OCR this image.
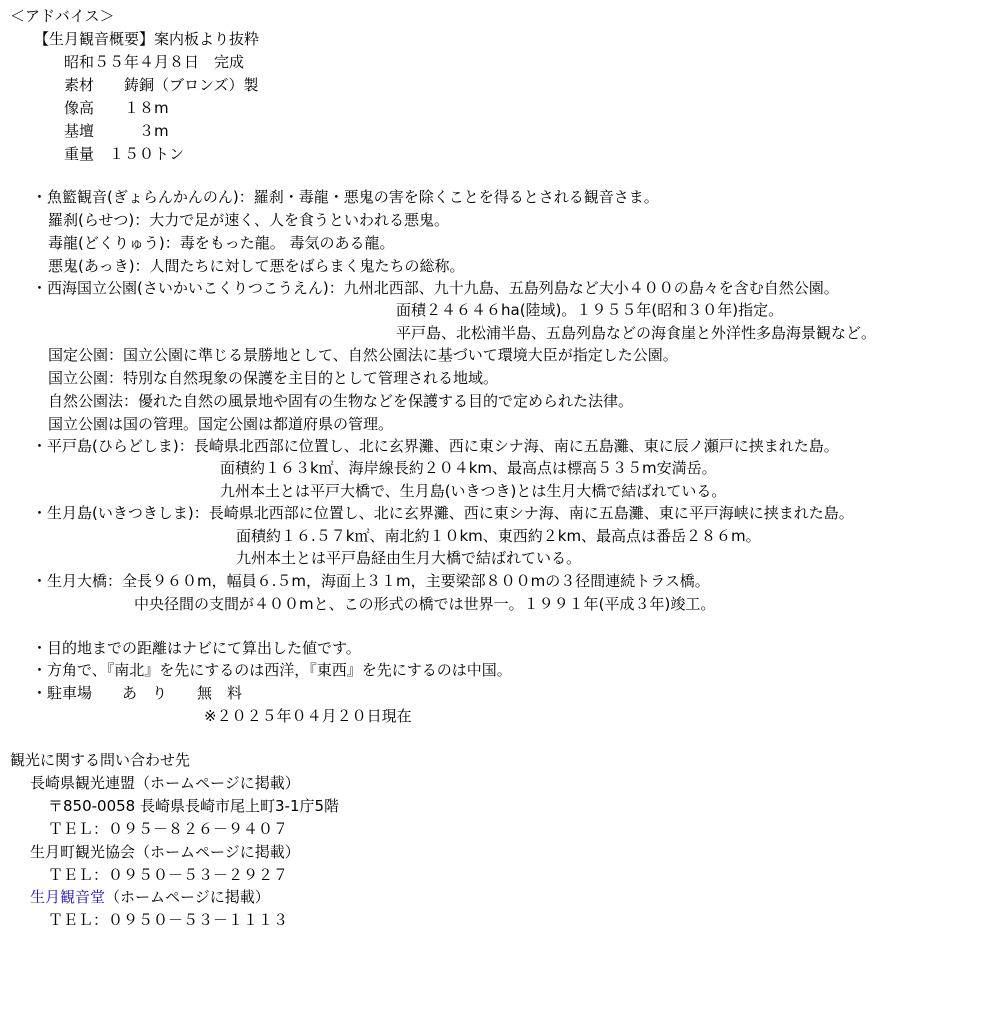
＜アドバイス＞
【生月観音概要】案内板より抜粋
昭和５５年４月８日　完成
素材　　鋳銅（ブロンズ）製
像高　　１８m
基壇　　　３m
重量　１５０トン
・魚籃観音(ぎょらんかんのん)：羅刹・毒龍・悪鬼の害を除くことを得るとされる観音さま。
羅刹(らせつ)：大力で足が速く、人を食うといわれる悪鬼。
毒龍(どくりゅう)：毒をもった龍。 毒気のある龍。
悪鬼(あっき)：人間たちに対して悪をばらまく鬼たちの総称。
・西海国立公園(さいかいこくりつこうえん)：九州北西部、九十九島、五島列島など大小４００の島々を含む自然公園。
面積２４６４６ha(陸域)。１９５５年(昭和３０年)指定。
平戸島、北松浦半島、五島列島などの海食崖と外洋性多島海景観など。
国定公園：国立公園に準じる景勝地として、自然公園法に基づいて環境大臣が指定した公園。
国立公園：特別な自然現象の保護を主目的として管理される地域。
自然公園法：優れた自然の風景地や固有の生物などを保護する目的で定められた法律。
国立公園は国の管理。国定公園は都道府県の管理。
・平戸島(ひらどしま)：長崎県北西部に位置し、北に玄界灘、西に東シナ海、南に五島灘、東に辰ノ瀬戸に挟まれた島。
面積約１６３k㎡、海岸線長約２０４km、最高点は標高５３５m安満岳。
九州本土とは平戸大橋で、生月島(いきつき)とは生月大橋で結ばれている。
・生月島(いきつきしま)：長崎県北西部に位置し、北に玄界灘、西に東シナ海、南に五島灘、東に平戸海峡に挟まれた島。
面積約１６.５７k㎡、南北約１０km、東西約２km、最高点は番岳２８６m。
九州本土とは平戸島経由生月大橋で結ばれている。
・生月大橋：全長９６０m，幅員６.５m，海面上３１m，主要梁部８００mの３径間連続トラス橋。
中央径間の支間が４００mと、この形式の橋では世界一。１９９１年(平成３年)竣工。
・目的地までの距離はナビにて算出した値です。
・方角で、『南北』を先にするのは西洋，『東西』を先にするのは中国。
・駐車場　　あ　り　　無　料
※２０２５年０４月２０日現在
観光に関する問い合わせ先
長崎県観光連盟（ホームページに掲載）
〒850-0058 長崎県長崎市尾上町3-1庁5階
ＴＥＬ：０９５－８２６－９４０７
生月町観光協会（ホームページに掲載）
ＴＥＬ：０９５０－５３－２９２７
生月観音堂（ホームページに掲載）
ＴＥＬ：０９５０－５３－１１１３
